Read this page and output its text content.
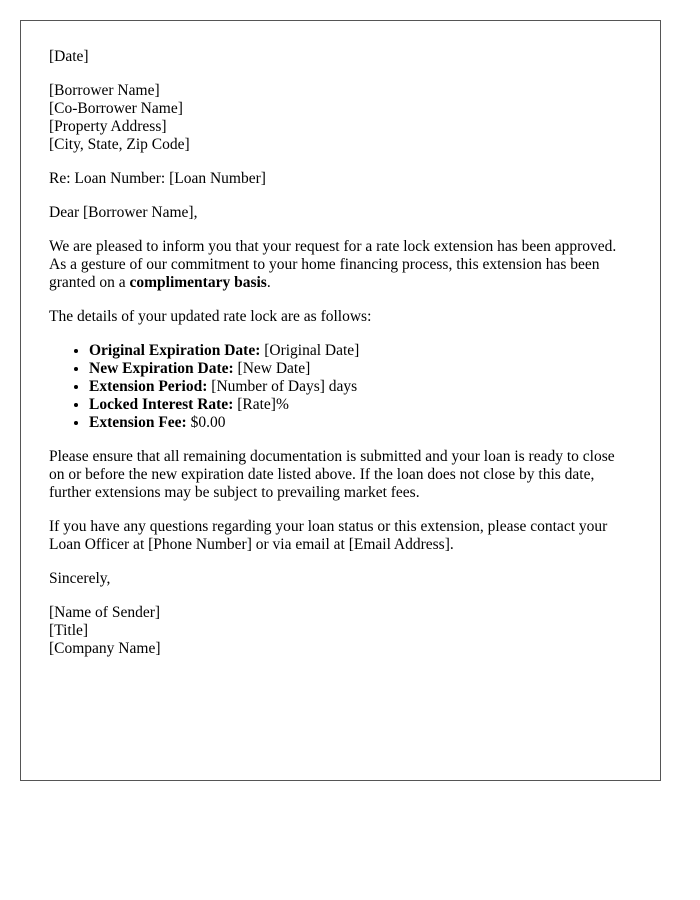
[Date]

[Borrower Name]
[Co-Borrower Name]
[Property Address]
[City, State, Zip Code]

Re: Loan Number: [Loan Number]

Dear [Borrower Name],

We are pleased to inform you that your request for a rate lock extension has been approved. As a gesture of our commitment to your home financing process, this extension has been granted on a complimentary basis.

The details of your updated rate lock are as follows:

• Original Expiration Date: [Original Date]
• New Expiration Date: [New Date]
• Extension Period: [Number of Days] days
• Locked Interest Rate: [Rate]%
• Extension Fee: $0.00

Please ensure that all remaining documentation is submitted and your loan is ready to close on or before the new expiration date listed above. If the loan does not close by this date, further extensions may be subject to prevailing market fees.

If you have any questions regarding your loan status or this extension, please contact your Loan Officer at [Phone Number] or via email at [Email Address].

Sincerely,

[Name of Sender]
[Title]
[Company Name]
